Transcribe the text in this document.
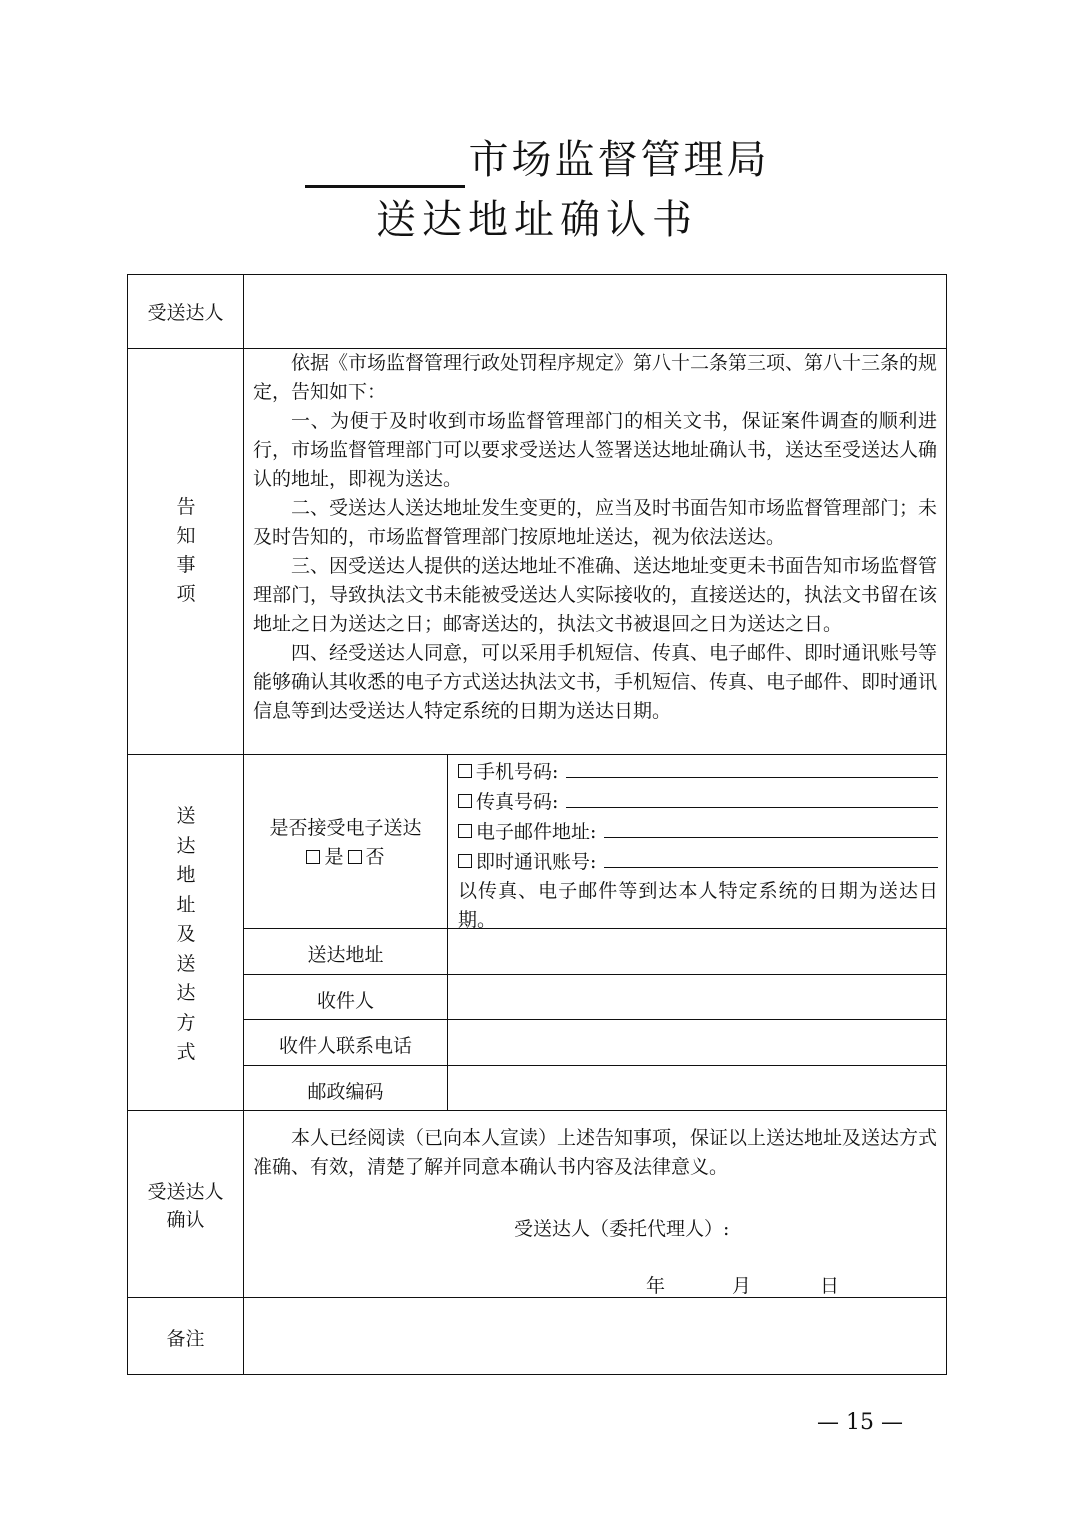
市场监督管理局
送达地址确认书
受送达人
告
知
事
项

依据《市场监督管理行政处罚程序规定》第八十二条第三项、第八十三条的规定，告知如下：

一、为便于及时收到市场监督管理部门的相关文书，保证案件调查的顺利进行，市场监督管理部门可以要求受送达人签署送达地址确认书，送达至受送达人确认的地址，即视为送达。

二、受送达人送达地址发生变更的，应当及时书面告知市场监督管理部门；未及时告知的，市场监督管理部门按原地址送达，视为依法送达。

三、因受送达人提供的送达地址不准确、送达地址变更未书面告知市场监督管理部门，导致执法文书未能被受送达人实际接收的，直接送达的，执法文书留在该地址之日为送达之日；邮寄送达的，执法文书被退回之日为送达之日。

四、经受送达人同意，可以采用手机短信、传真、电子邮件、即时通讯账号等能够确认其收悉的电子方式送达执法文书，手机短信、传真、电子邮件、即时通讯信息等到达受送达人特定系统的日期为送达日期。

送
达
地
址
及
送
达
方
式
是否接受电子送达
是 否
手机号码:
传真号码:
电子邮件地址:
即时通讯账号:
以传真、电子邮件等到达本人特定系统的日期为送达日期。
送达地址
收件人
收件人联系电话
邮政编码
受送达人
确认

本人已经阅读（已向本人宣读）上述告知事项，保证以上送达地址及送达方式准确、有效，清楚了解并同意本确认书内容及法律意义。

受送达人（委托代理人）:
年	月	日
备注
— 15 —
